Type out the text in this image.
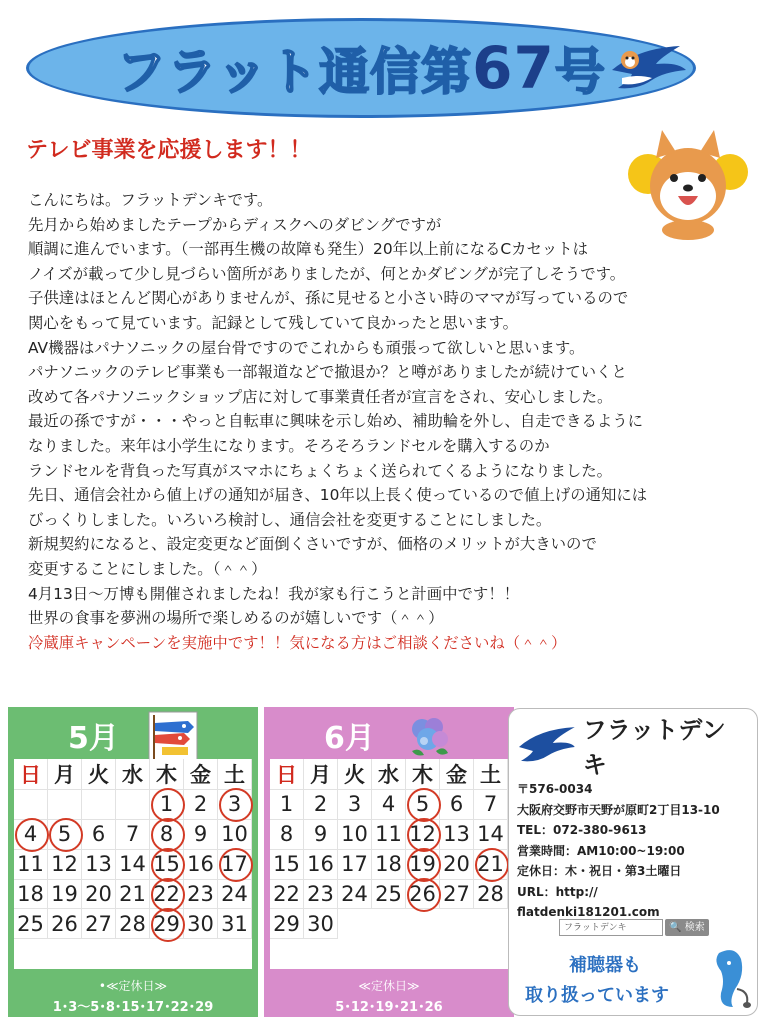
フラット通信第 67 号
テレビ事業を応援します！！

こんにちは。フラットデンキです。

先月から始めましたテープからディスクへのダビングですが

順調に進んでいます。（一部再生機の故障も発生）20年以上前になるCカセットは

ノイズが載って少し見づらい箇所がありましたが、何とかダビングが完了しそうです。

子供達はほとんど関心がありませんが、孫に見せると小さい時のママが写っているので

関心をもって見ています。記録として残していて良かったと思います。

AV機器はパナソニックの屋台骨ですのでこれからも頑張って欲しいと思います。

パナソニックのテレビ事業も一部報道などで撤退か？と噂がありましたが続けていくと

改めて各パナソニックショップ店に対して事業責任者が宣言をされ、安心しました。

最近の孫ですが・・・やっと自転車に興味を示し始め、補助輪を外し、自走できるように

なりました。来年は小学生になります。そろそろランドセルを購入するのか

ランドセルを背負った写真がスマホにちょくちょく送られてくるようになりました。

先日、通信会社から値上げの通知が届き、10年以上長く使っているので値上げの通知には

びっくりしました。いろいろ検討し、通信会社を変更することにしました。

新規契約になると、設定変更など面倒くさいですが、価格のメリットが大きいので

変更することにしました。（＾＾）

4月13日〜万博も開催されましたね！我が家も行こうと計画中です！！

世界の食事を夢洲の場所で楽しめるのが嬉しいです（＾＾）

冷蔵庫キャンペーンを実施中です！！気になる方はご相談くださいね（＾＾）

5月
日 月 火 水 木 金 土
1 2 3
4 5 6 7 8 9 10
11 12 13 14 15 16 17
18 19 20 21 22 23 24
25 26 27 28 29 30 31
•≪定休日≫
1･3〜5･8･15･17･22･29
6月
日 月 火 水 木 金 土
1 2 3 4 5 6 7
8 9 10 11 12 13 14
15 16 17 18 19 20 21
22 23 24 25 26 27 28
29 30
≪定休日≫
5･12･19･21･26
フラットデンキ
〒576-0034
大阪府交野市天野が原町2丁目13-10
TEL：072-380-9613
営業時間：AM10:00~19:00
定休日：木・祝日・第3土曜日
URL：http://
flatdenki181201.com
フラットデンキ	🔍 検索
補聴器も
取り扱っています
